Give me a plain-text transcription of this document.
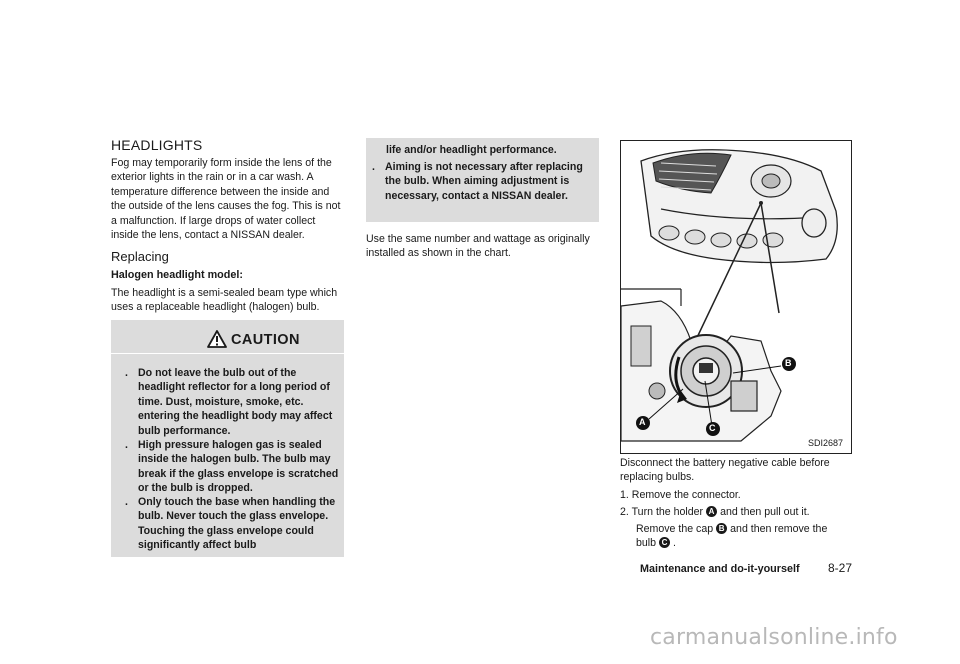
HEADLIGHTS
Fog may temporarily form inside the lens of the exterior lights in the rain or in a car wash. A temperature difference between the inside and the outside of the lens causes the fog. This is not a malfunction. If large drops of water collect inside the lens, contact a NISSAN dealer.
Replacing
Halogen headlight model:
The headlight is a semi-sealed beam type which uses a replaceable headlight (halogen) bulb.
CAUTION
. Do not leave the bulb out of the headlight reflector for a long period of time. Dust, moisture, smoke, etc. entering the headlight body may affect bulb performance.
. High pressure halogen gas is sealed inside the halogen bulb. The bulb may break if the glass envelope is scratched or the bulb is dropped.
. Only touch the base when handling the bulb. Never touch the glass envelope. Touching the glass envelope could significantly affect bulb
life and/or headlight performance.
. Aiming is not necessary after replacing the bulb. When aiming adjustment is necessary, contact a NISSAN dealer.
Use the same number and wattage as originally installed as shown in the chart.
B
A
C
SDI2687
Disconnect the battery negative cable before replacing bulbs.
1. Remove the connector.
2. Turn the holder A and then pull out it.
Remove the cap B and then remove the
bulb C .
Maintenance and do-it-yourself 8-27
carmanualsonline.info
